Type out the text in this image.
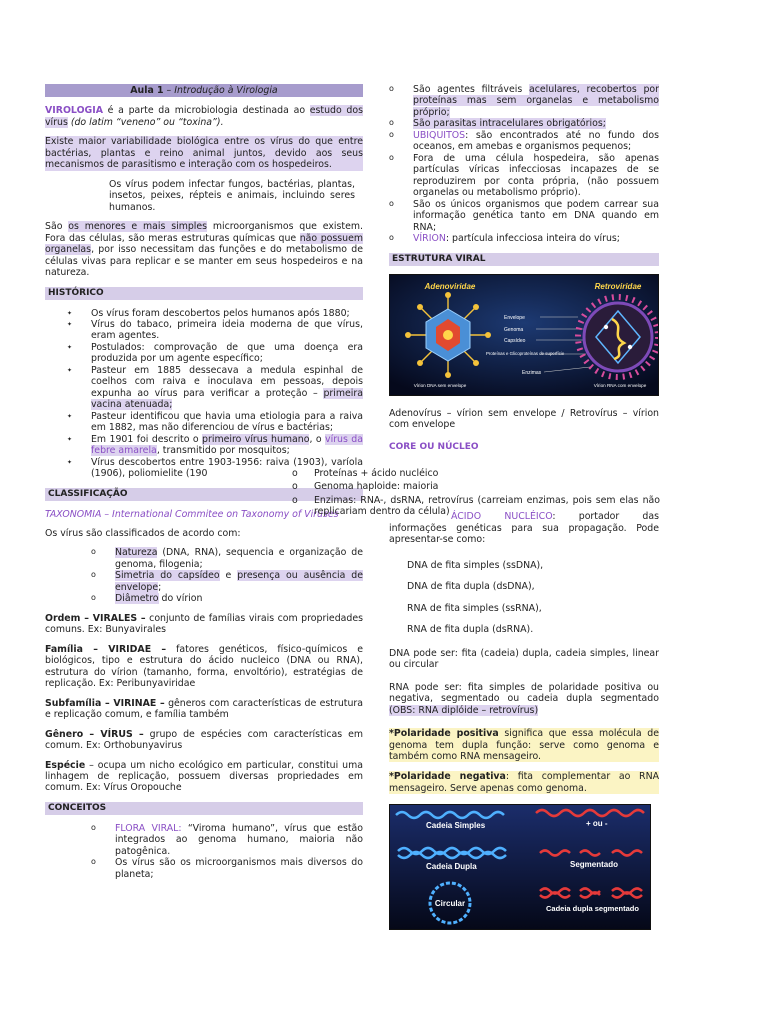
Aula 1 – Introdução à Virologia

VIROLOGIA é a parte da microbiologia destinada ao estudo dos vírus (do latim “veneno” ou “toxina”).

Existe maior variabilidade biológica entre os vírus do que entre bactérias, plantas e reino animal juntos, devido aos seus mecanismos de parasitismo e interação com os hospedeiros.

Os vírus podem infectar fungos, bactérias, plantas, insetos, peixes, répteis e animais, incluindo seres humanos.

São os menores e mais simples microorganismos que existem. Fora das células, são meras estruturas químicas que não possuem organelas, por isso necessitam das funções e do metabolismo de células vivas para replicar e se manter em seus hospedeiros e na natureza.

HISTÓRICO
✦ Os vírus foram descobertos pelos humanos após 1880;
✦ Vírus do tabaco, primeira ideia moderna de que vírus, eram agentes.
✦ Postulados: comprovação de que uma doença era produzida por um agente específico;
✦ Pasteur em 1885 dessecava a medula espinhal de coelhos com raiva e inoculava em pessoas, depois expunha ao vírus para verificar a proteção – primeira vacina atenuada;
✦ Pasteur identificou que havia uma etiologia para a raiva em 1882, mas não diferenciou de vírus e bactérias;
✦ Em 1901 foi descrito o primeiro vírus humano, o vírus da febre amarela, transmitido por mosquitos;
✦ Vírus descobertos entre 1903-1956: raiva (1903), varíola (1906), poliomielite (190
CLASSIFICAÇÃO

TAXONOMIA – International Commitee on Taxonomy of Viruses

Os vírus são classificados de acordo com:

o Natureza (DNA, RNA), sequencia e organização de genoma, filogenia;
o Simetria do capsídeo e presença ou ausência de envelope;
o Diâmetro do vírion

Ordem – VIRALES – conjunto de famílias virais com propriedades comuns. Ex: Bunyavirales

Família – VIRIDAE – fatores genéticos, físico-químicos e biológicos, tipo e estrutura do ácido nucleico (DNA ou RNA), estrutura do vírion (tamanho, forma, envoltório), estratégias de replicação. Ex: Peribunyaviridae

Subfamília – VIRINAE – gêneros com características de estrutura e replicação comum, e família também

Gênero – VÍRUS – grupo de espécies com características em comum. Ex: Orthobunyavirus

Espécie – ocupa um nicho ecológico em particular, constitui uma linhagem de replicação, possuem diversas propriedades em comum. Ex: Vírus Oropouche

CONCEITOS
o FLORA VIRAL: “Viroma humano”, vírus que estão integrados ao genoma humano, maioria não patogênica.
o Os vírus são os microorganismos mais diversos do planeta;
o São agentes filtráveis acelulares, recobertos por proteínas mas sem organelas e metabolismo próprio;
o São parasitas intracelulares obrigatórios;
o UBIQUITOS: são encontrados até no fundo dos oceanos, em amebas e organismos pequenos;
o Fora de uma célula hospedeira, são apenas partículas víricas infecciosas incapazes de se reproduzirem por conta própria, (não possuem organelas ou metabolismo próprio).
o São os únicos organismos que podem carrear sua informação genética tanto em DNA quando em RNA;
o VÍRION: partícula infecciosa inteira do vírus;
ESTRUTURA VIRAL
Adenoviridae	Retroviridae
Vírion DNA sem envelope
Envelope
Genoma
Capsídeo
Proteínas e Glicoproteínas de superfície
Enzimas
Vírion RNA com envelope

Adenovírus – vírion sem envelope / Retrovírus – vírion com envelope

CORE OU NÚCLEO

ÁCIDO NUCLÉICO: portador das informações genéticas para sua propagação. Pode apresentar-se como:

DNA de fita simples (ssDNA),

DNA de fita dupla (dsDNA),

RNA de fita simples (ssRNA),

RNA de fita dupla (dsRNA).

DNA pode ser: fita (cadeia) dupla, cadeia simples, linear ou circular

RNA pode ser: fita simples de polaridade positiva ou negativa, segmentado ou cadeia dupla segmentado (OBS: RNA diplóide – retrovírus)

*Polaridade positiva significa que essa molécula de genoma tem dupla função: serve como genoma e também como RNA mensageiro.

*Polaridade negativa: fita complementar ao RNA mensageiro. Serve apenas como genoma.

Cadeia Simples	+ ou -
Cadeia Dupla	Segmentado
Circular
Cadeia dupla segmentado

o Proteínas + ácido nucléico

o Genoma haploide: maioria

o Enzimas: RNA-, dsRNA, retrovírus (carreiam enzimas, pois sem elas não replicariam dentro da célula)
